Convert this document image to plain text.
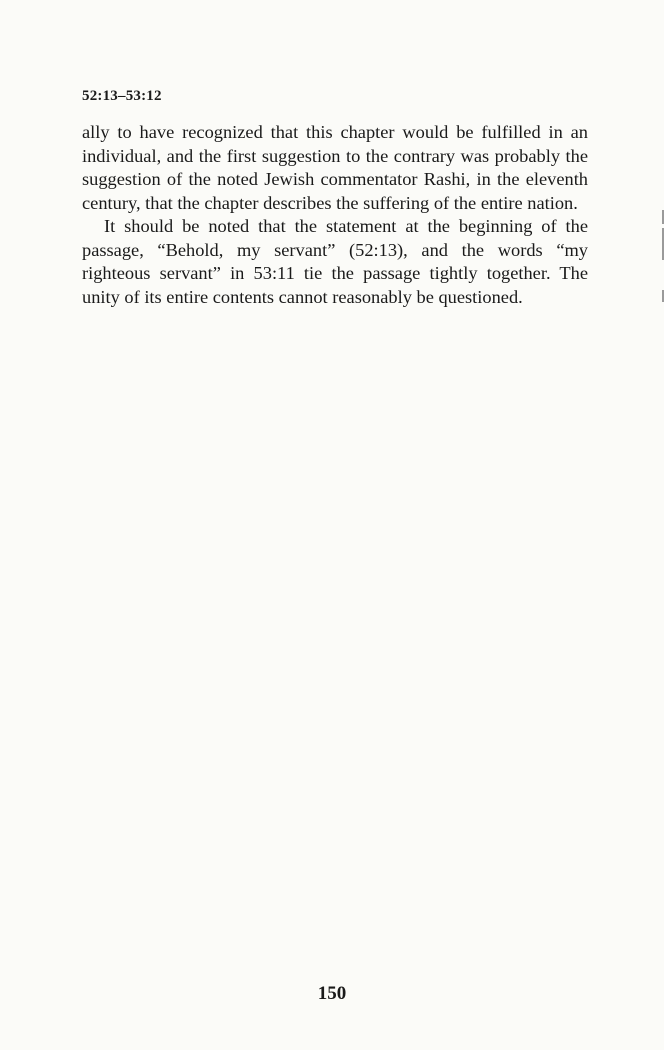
52:13–53:12

ally to have recognized that this chapter would be fulfilled in an individual, and the first suggestion to the contrary was probably the suggestion of the noted Jewish commentator Rashi, in the eleventh century, that the chapter describes the suffering of the entire nation.

It should be noted that the statement at the beginning of the passage, “Behold, my servant” (52:13), and the words “my righteous servant” in 53:11 tie the passage tightly together. The unity of its entire contents cannot reasonably be questioned.

150
